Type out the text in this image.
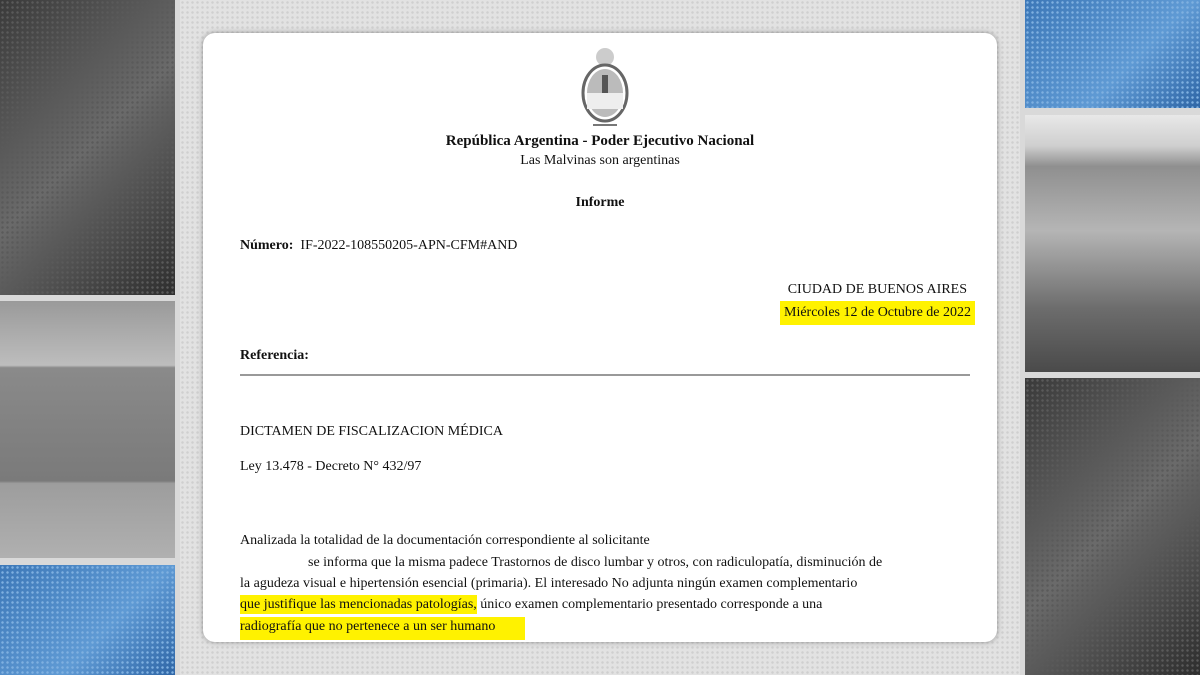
República Argentina - Poder Ejecutivo Nacional
Las Malvinas son argentinas
Informe
Número: IF-2022-108550205-APN-CFM#AND
CIUDAD DE BUENOS AIRES
Miércoles 12 de Octubre de 2022
Referencia:
DICTAMEN DE FISCALIZACION MÉDICA
Ley 13.478 - Decreto N° 432/97
Analizada la totalidad de la documentación correspondiente al solicitante
se informa que la misma padece Trastornos de disco lumbar y otros, con radiculopatía, disminución de
la agudeza visual e hipertensión esencial (primaria). El interesado No adjunta ningún examen complementario
que justifique las mencionadas patologías, único examen complementario presentado corresponde a una
radiografía que no pertenece a un ser humano
